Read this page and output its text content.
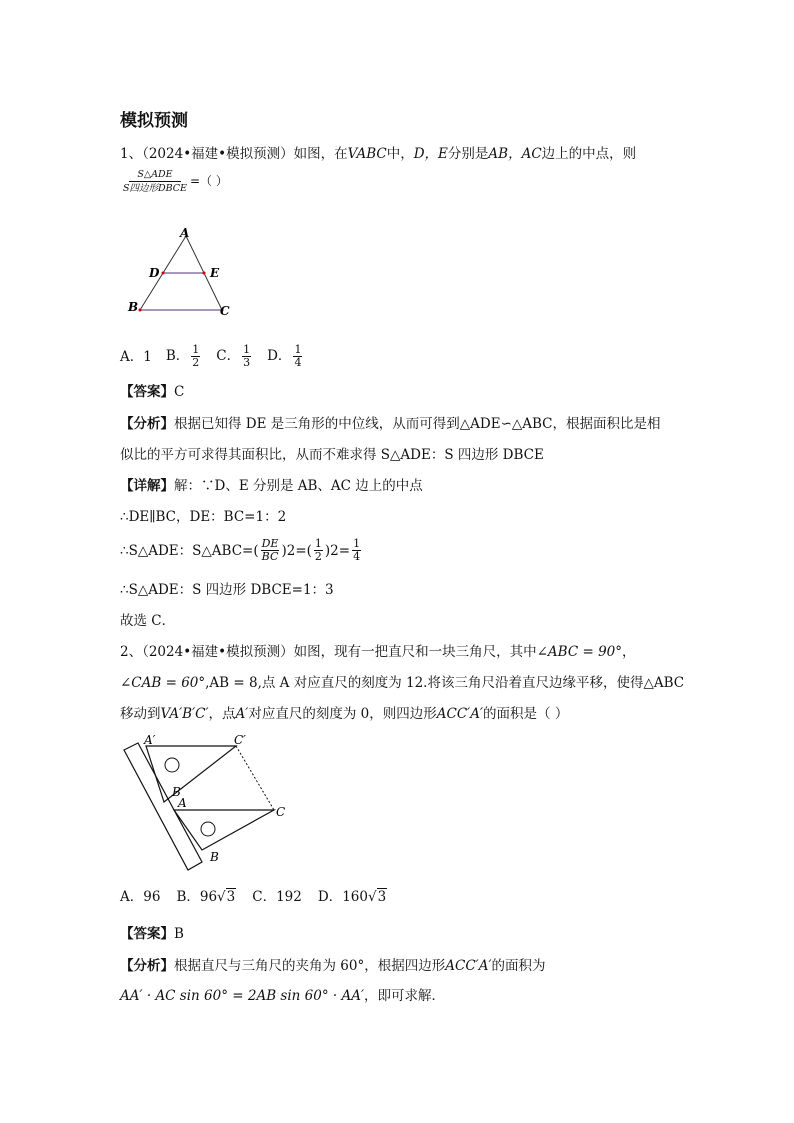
模拟预测
1、（2024•福建•模拟预测）如图，在VABC中，D，E分别是AB，AC边上的中点，则
$\frac{\text{S△ADE}}{\text{S四边形DBCE}}$ =（ ）
A
D	E
B	C
A．1 B． $\frac{1}{2}$ C． $\frac{1}{3}$ D． $\frac{1}{4}$
【答案】C
【分析】根据已知得 DE 是三角形的中位线，从而可得到△ADE∽△ABC，根据面积比是相
似比的平方可求得其面积比，从而不难求得 S△ADE：S 四边形 DBCE
【详解】解：∵D、E 分别是 AB、AC 边上的中点
∴DE∥BC，DE：BC=1：2
∴S△ADE：S△ABC=( $\frac{DE}{BC} )2=( \frac{1}{2} )2= \frac{1}{4}$
∴S△ADE：S 四边形 DBCE=1：3
故选 C．
2、（2024•福建•模拟预测）如图，现有一把直尺和一块三角尺，其中∠ABC = 90°，
∠CAB = 60°,AB = 8,点 A 对应直尺的刻度为 12.将该三角尺沿着直尺边缘平移，使得△ABC
移动到VA′B′C′，点A′对应直尺的刻度为 0，则四边形ACC′A′的面积是（ ）
A′	C′
B′
A
C
B
A．96 B．96√3 C．192 D．160√3
【答案】B
【分析】根据直尺与三角尺的夹角为 60°，根据四边形ACC′A′的面积为
AA′ · AC sin 60° = 2AB sin 60° · AA′，即可求解．
